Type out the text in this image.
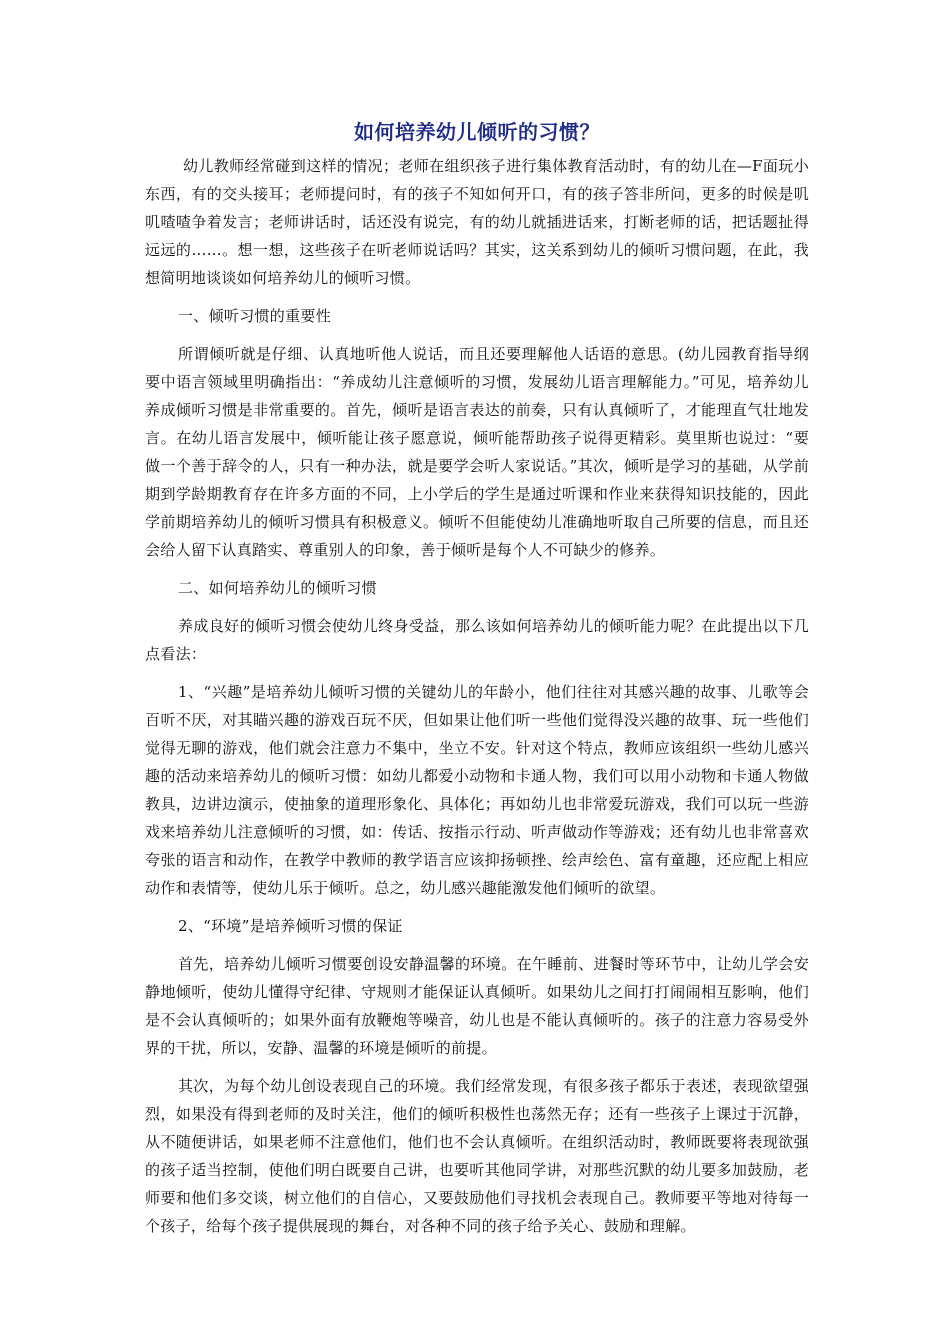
如何培养幼儿倾听的习惯？

幼儿教师经常碰到这样的情况；老师在组织孩子进行集体教育活动时，有的幼儿在—F面玩小东西，有的交头接耳；老师提问时，有的孩子不知如何开口，有的孩子答非所问，更多的时候是叽叽喳喳争着发言；老师讲话时，话还没有说完，有的幼儿就插进话来，打断老师的话，把话题扯得远远的……。想一想，这些孩子在听老师说话吗？其实，这关系到幼儿的倾听习惯问题，在此，我想简明地谈谈如何培养幼儿的倾听习惯。

一、倾听习惯的重要性

所谓倾听就是仔细、认真地听他人说话，而且还要理解他人话语的意思。(幼儿园教育指导纲要中语言领域里明确指出：“养成幼儿注意倾听的习惯，发展幼儿语言理解能力。”可见，培养幼儿养成倾听习惯是非常重要的。首先，倾听是语言表达的前奏，只有认真倾听了，才能理直气壮地发言。在幼儿语言发展中，倾听能让孩子愿意说，倾听能帮助孩子说得更精彩。莫里斯也说过：“要做一个善于辞令的人，只有一种办法，就是要学会听人家说话。”其次，倾听是学习的基础，从学前期到学龄期教育存在许多方面的不同，上小学后的学生是通过听课和作业来获得知识技能的，因此学前期培养幼儿的倾听习惯具有积极意义。倾听不但能使幼儿准确地听取自己所要的信息，而且还会给人留下认真踏实、尊重别人的印象，善于倾听是每个人不可缺少的修养。

二、如何培养幼儿的倾听习惯

养成良好的倾听习惯会使幼儿终身受益，那么该如何培养幼儿的倾听能力呢？在此提出以下几点看法：

1、“兴趣”是培养幼儿倾听习惯的关键幼儿的年龄小，他们往往对其感兴趣的故事、儿歌等会百听不厌，对其瞄兴趣的游戏百玩不厌，但如果让他们听一些他们觉得没兴趣的故事、玩一些他们觉得无聊的游戏，他们就会注意力不集中，坐立不安。针对这个特点，教师应该组织一些幼儿感兴趣的活动来培养幼儿的倾听习惯：如幼儿都爱小动物和卡通人物，我们可以用小动物和卡通人物做教具，边讲边演示，使抽象的道理形象化、具体化；再如幼儿也非常爱玩游戏，我们可以玩一些游戏来培养幼儿注意倾听的习惯，如：传话、按指示行动、听声做动作等游戏；还有幼儿也非常喜欢夸张的语言和动作，在教学中教师的教学语言应该抑扬顿挫、绘声绘色、富有童趣，还应配上相应动作和表情等，使幼儿乐于倾听。总之，幼儿感兴趣能激发他们倾听的欲望。

2、“环境”是培养倾听习惯的保证

首先，培养幼儿倾听习惯要创设安静温馨的环境。在午睡前、进餐时等环节中，让幼儿学会安静地倾听，使幼儿懂得守纪律、守规则才能保证认真倾听。如果幼儿之间打打闹闹相互影响，他们是不会认真倾听的；如果外面有放鞭炮等噪音，幼儿也是不能认真倾听的。孩子的注意力容易受外界的干扰，所以，安静、温馨的环境是倾听的前提。

其次，为每个幼儿创设表现自己的环境。我们经常发现，有很多孩子都乐于表述，表现欲望强烈，如果没有得到老师的及时关注，他们的倾听积极性也荡然无存；还有一些孩子上课过于沉静，从不随便讲话，如果老师不注意他们，他们也不会认真倾听。在组织活动时，教师既要将表现欲强的孩子适当控制，使他们明白既要自己讲，也要听其他同学讲，对那些沉默的幼儿要多加鼓励，老师要和他们多交谈，树立他们的自信心，又要鼓励他们寻找机会表现自己。教师要平等地对待每一个孩子，给每个孩子提供展现的舞台，对各种不同的孩子给予关心、鼓励和理解。
